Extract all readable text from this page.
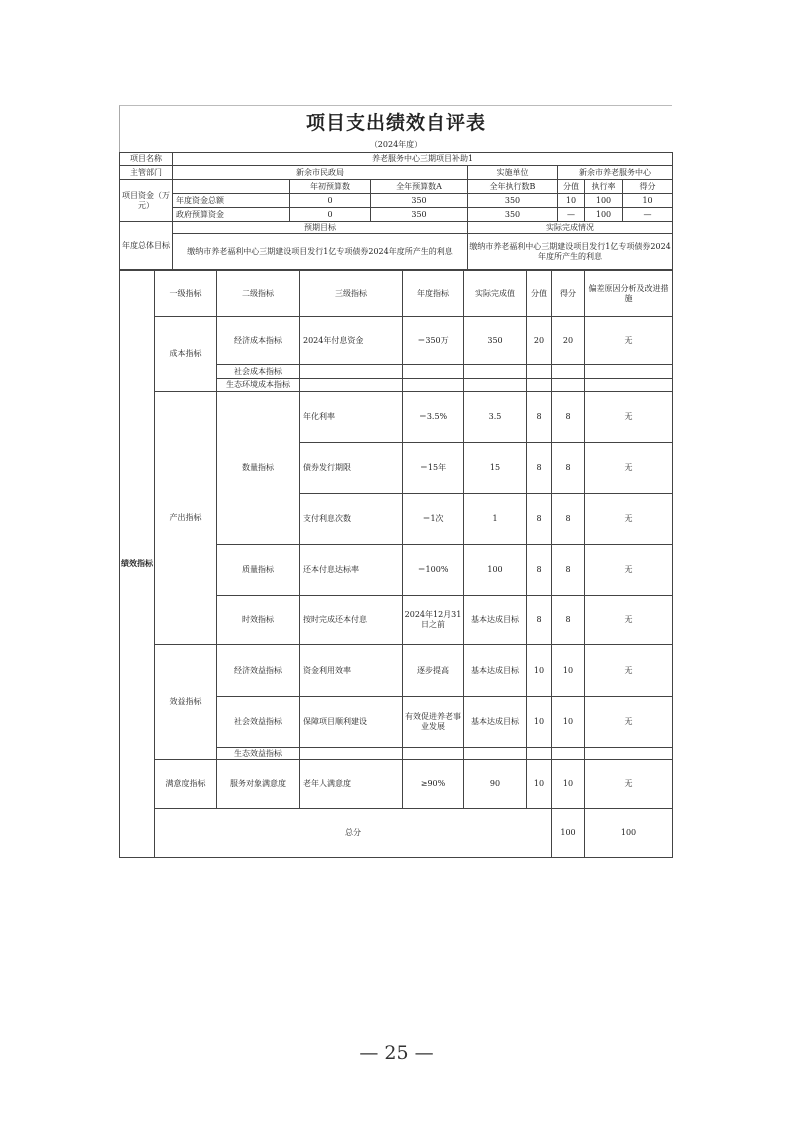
项目支出绩效自评表
（2024年度）
项目名称	养老服务中心三期项目补助1						
主管部门	新余市民政局			实施单位	新余市养老服务中心		
项目资金（万元）		年初预算数	全年预算数A	全年执行数B	分值	执行率	得分
	年度资金总额	0	350	350	10	100	10
	政府预算资金	0	350	350	—	100	—
年度总体目标	预期目标			实际完成情况			
	缴纳市养老福利中心三期建设项目发行1亿专项债券2024年度所产生的利息			缴纳市养老福利中心三期建设项目发行1亿专项债券2024年度所产生的利息			
绩效指标	一级指标	二级指标	三级指标	年度指标	实际完成值	分值	得分	偏差原因分析及改进措施	
	成本指标	经济成本指标	2024年付息资金	＝350万	350	20	20	无	
		社会成本指标							
		生态环境成本指标							
	产出指标	数量指标	年化利率	＝3.5%	3.5	8	8	无	
			债券发行期限	＝15年	15	8	8	无	
			支付利息次数	＝1次	1	8	8	无	
		质量指标	还本付息达标率	＝100%	100	8	8	无	
		时效指标	按时完成还本付息	2024年12月31日之前	基本达成目标	8	8	无	
	效益指标	经济效益指标	资金利用效率	逐步提高	基本达成目标	10	10	无	
		社会效益指标	保障项目顺利建设	有效促进养老事业发展	基本达成目标	10	10	无	
		生态效益指标							
	满意度指标	服务对象满意度	老年人满意度	≥90%	90	10	10	无	

	总分						100	100	
— 25 —
